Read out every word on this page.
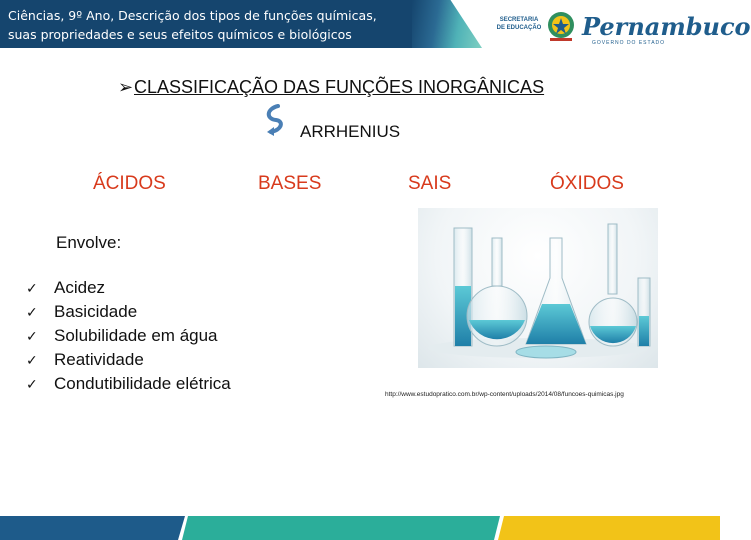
Ciências, 9º Ano, Descrição dos tipos de funções químicas,
suas propriedades e seus efeitos químicos e biológicos
SECRETARIA
DE EDUCAÇÃO Pernambuco
GOVERNO DO ESTADO
➢CLASSIFICAÇÃO DAS FUNÇÕES INORGÂNICAS
ARRHENIUS
ÁCIDOS	BASES	SAIS	ÓXIDOS
Envolve:
✓ Acidez
✓ Basicidade
✓ Solubilidade em água
✓ Reatividade
✓ Condutibilidade elétrica
http://www.estudopratico.com.br/wp-content/uploads/2014/08/funcoes-quimicas.jpg
